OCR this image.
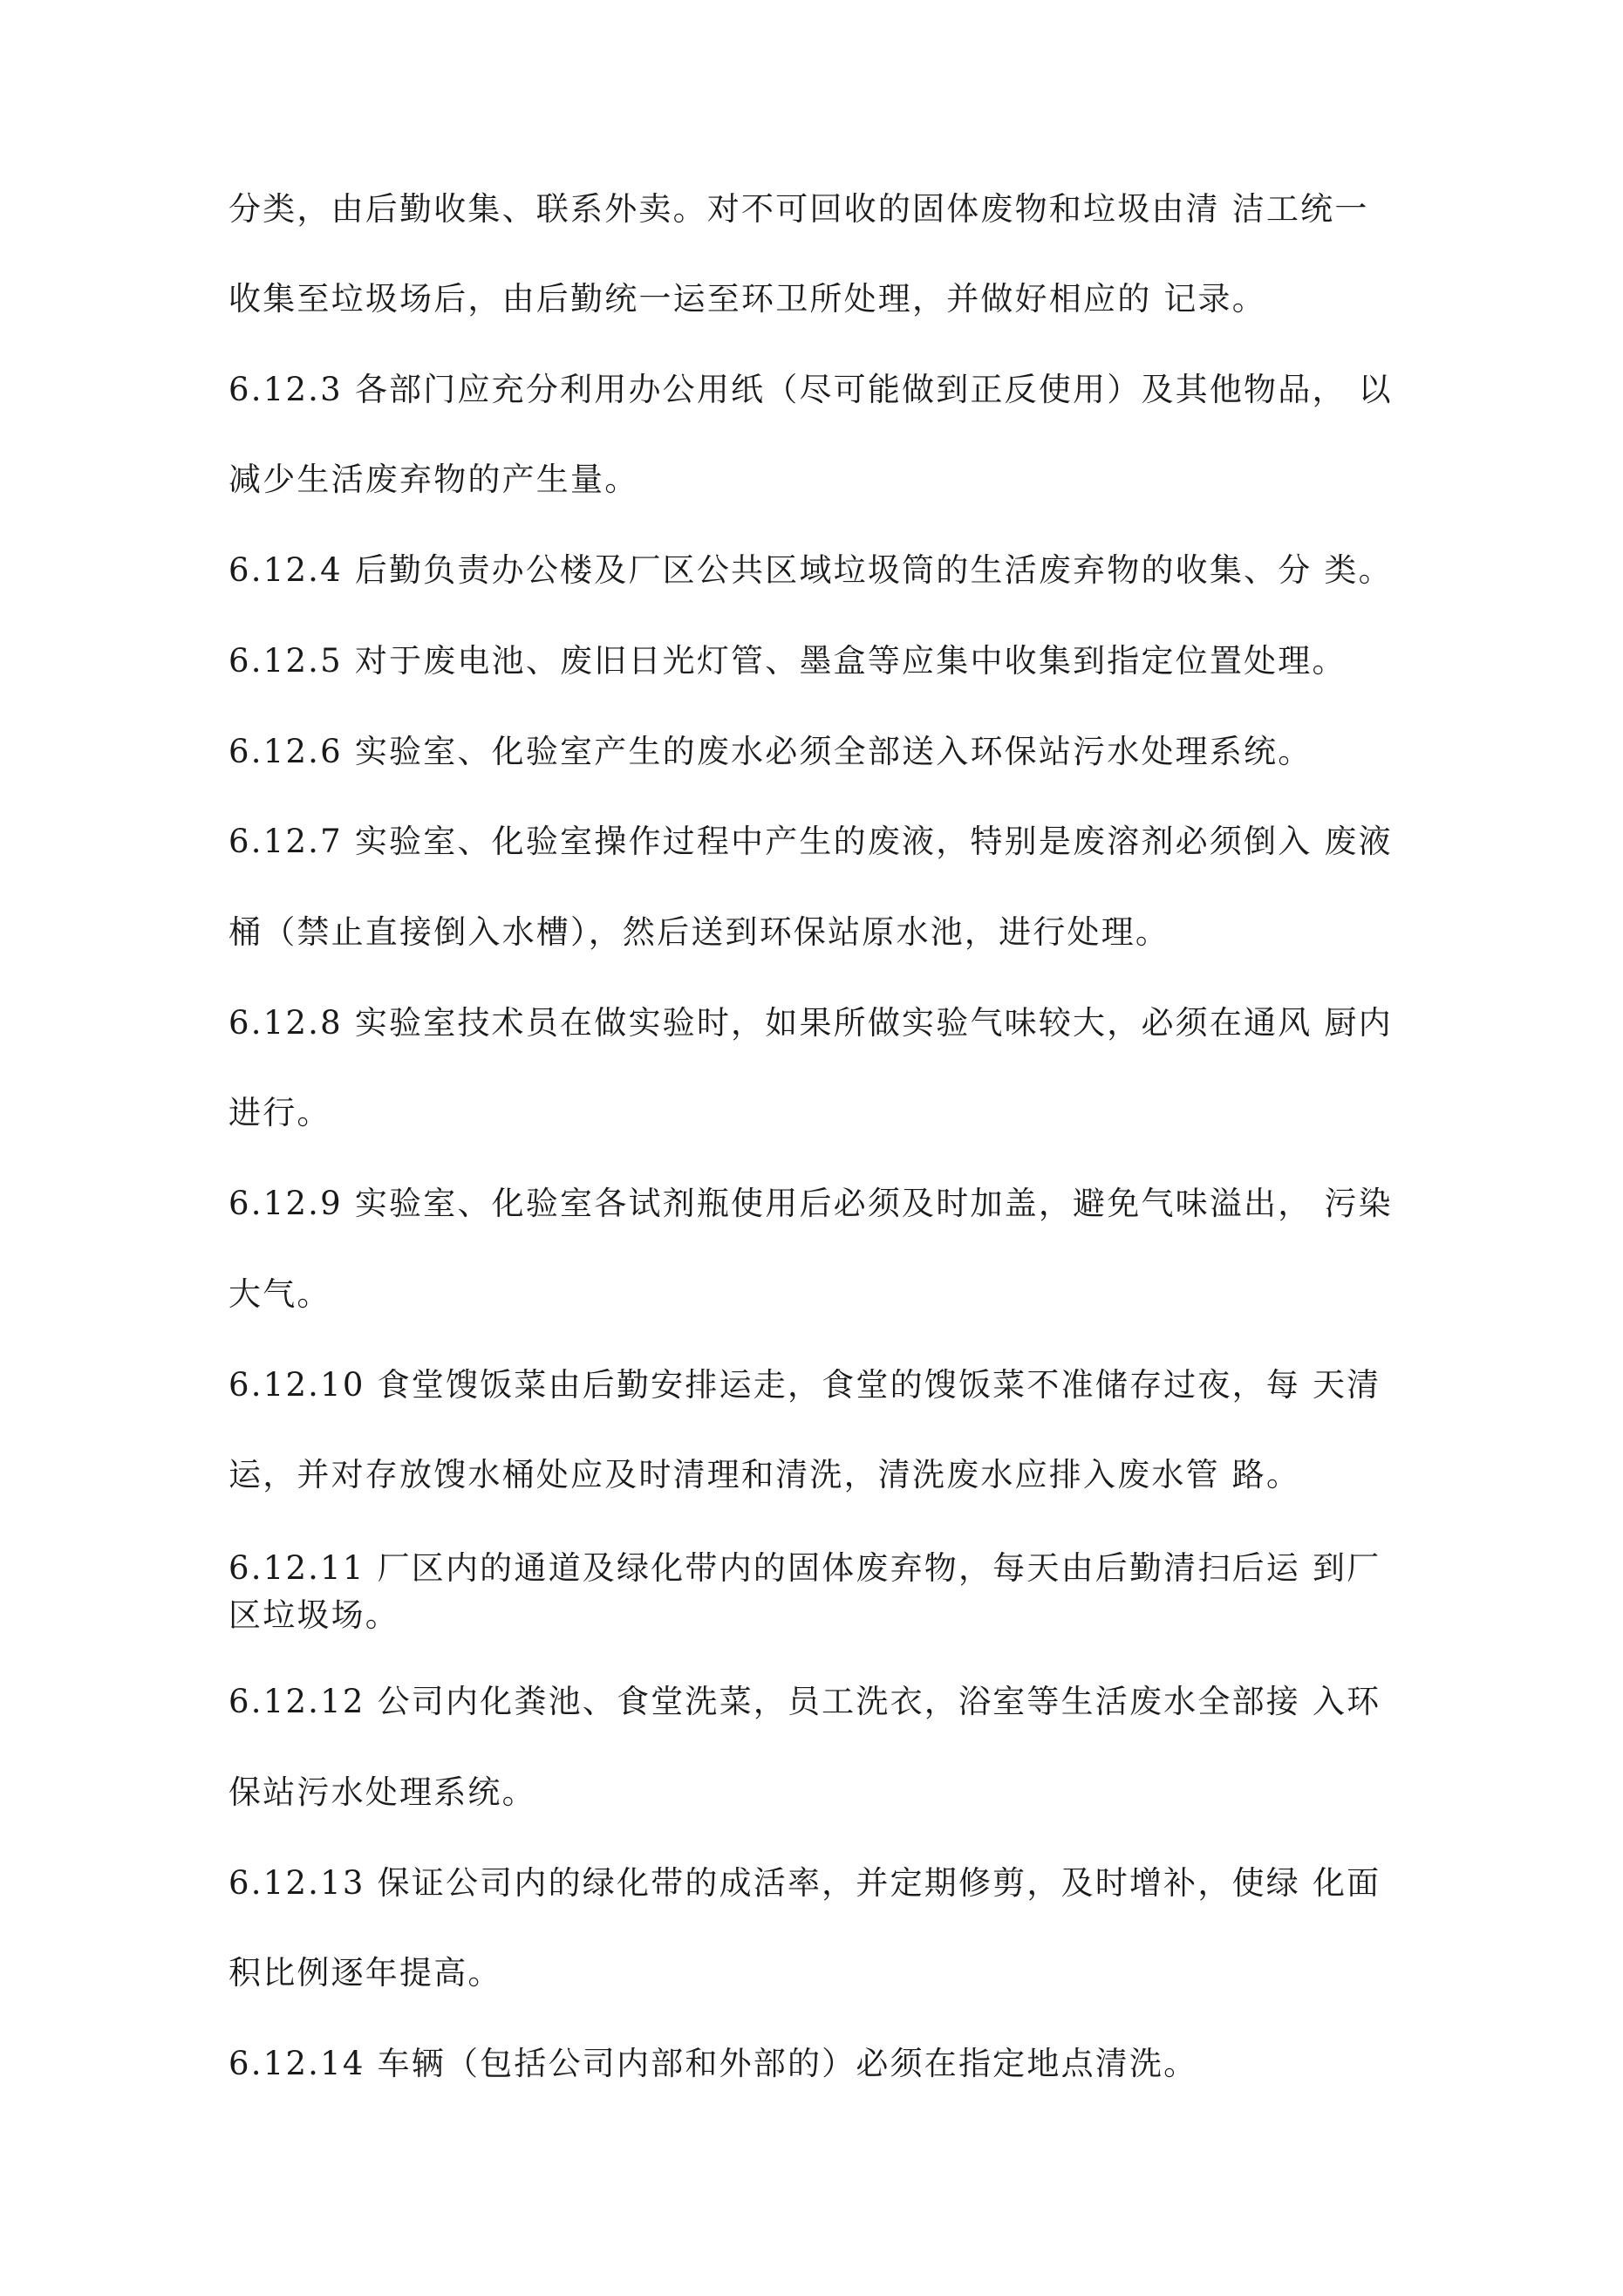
分类，由后勤收集、联系外卖。对不可回收的固体废物和垃圾由清 洁工统一
收集至垃圾场后，由后勤统一运至环卫所处理，并做好相应的 记录。
6.12.3 各部门应充分利用办公用纸（尽可能做到正反使用）及其他物品， 以
减少生活废弃物的产生量。
6.12.4 后勤负责办公楼及厂区公共区域垃圾筒的生活废弃物的收集、分 类。
6.12.5 对于废电池、废旧日光灯管、墨盒等应集中收集到指定位置处理。
6.12.6 实验室、化验室产生的废水必须全部送入环保站污水处理系统。
6.12.7 实验室、化验室操作过程中产生的废液，特别是废溶剂必须倒入 废液
桶（禁止直接倒入水槽），然后送到环保站原水池，进行处理。
6.12.8 实验室技术员在做实验时，如果所做实验气味较大，必须在通风 厨内
进行。
6.12.9 实验室、化验室各试剂瓶使用后必须及时加盖，避免气味溢出， 污染
大气。
6.12.10 食堂馊饭菜由后勤安排运走，食堂的馊饭菜不准储存过夜，每 天清
运，并对存放馊水桶处应及时清理和清洗，清洗废水应排入废水管 路。
6.12.11 厂区内的通道及绿化带内的固体废弃物，每天由后勤清扫后运 到厂
区垃圾场。
6.12.12 公司内化粪池、食堂洗菜，员工洗衣，浴室等生活废水全部接 入环
保站污水处理系统。
6.12.13 保证公司内的绿化带的成活率，并定期修剪，及时增补，使绿 化面
积比例逐年提高。
6.12.14 车辆（包括公司内部和外部的）必须在指定地点清洗。
